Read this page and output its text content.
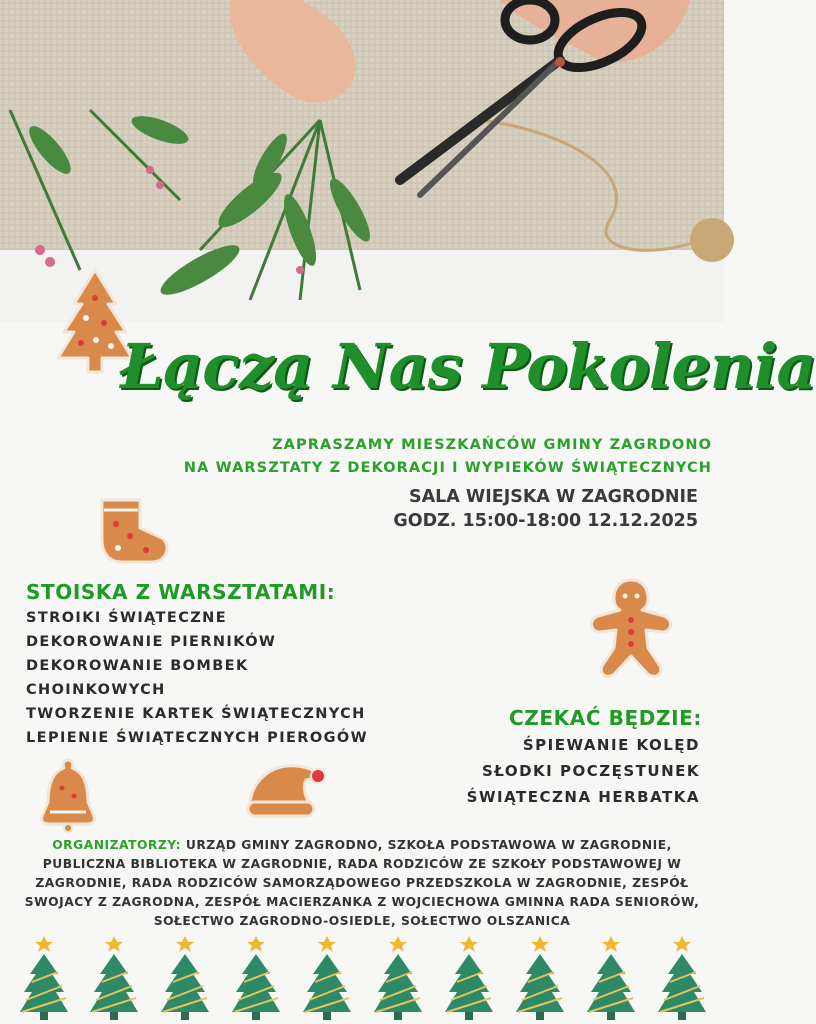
Łączą Nas Pokolenia
ZAPRASZAMY MIESZKAŃCÓW GMINY ZAGRDONO
NA WARSZTATY Z DEKORACJI I WYPIEKÓW ŚWIĄTECZNYCH
SALA WIEJSKA W ZAGRODNIE
GODZ. 15:00-18:00 12.12.2025
STOISKA Z WARSZTATAMI:
STROIKI ŚWIĄTECZNE
DEKOROWANIE PIERNIKÓW
DEKOROWANIE BOMBEK
CHOINKOWYCH
TWORZENIE KARTEK ŚWIĄTECZNYCH
LEPIENIE ŚWIĄTECZNYCH PIEROGÓW
CZEKAĆ BĘDZIE:
ŚPIEWANIE KOLĘD
SŁODKI POCZĘSTUNEK
ŚWIĄTECZNA HERBATKA
ORGANIZATORZY: URZĄD GMINY ZAGRODNO, SZKOŁA PODSTAWOWA W ZAGRODNIE, PUBLICZNA BIBLIOTEKA W ZAGRODNIE, RADA RODZICÓW ZE SZKOŁY PODSTAWOWEJ W ZAGRODNIE, RADA RODZICÓW SAMORZĄDOWEGO PRZEDSZKOLA W ZAGRODNIE, ZESPÓŁ SWOJACY Z ZAGRODNA, ZESPÓŁ MACIERZANKA Z WOJCIECHOWA GMINNA RADA SENIORÓW, SOŁECTWO ZAGRODNO-OSIEDLE, SOŁECTWO OLSZANICA
